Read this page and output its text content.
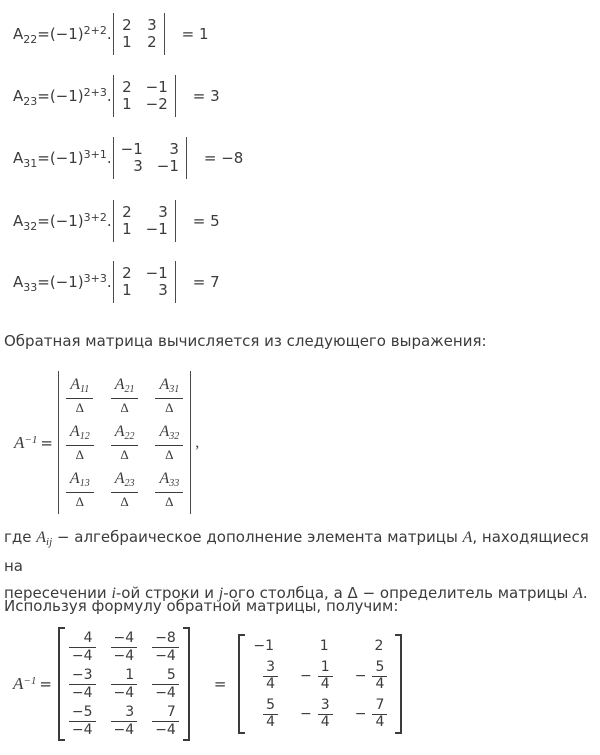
$A_{22}=(-1)^{2+2}$. 2 3
1 2 = 1
$A_{23}=(-1)^{2+3}$. 2 −1
1 −2 = 3
$A_{31}=(-1)^{3+1}$. −1	3
3 −1 = −8
$A_{32}=(-1)^{3+2}$. 2	3
1 −1 = 5
$A_{33}=(-1)^{3+3}$. 2 −1
1	3 = 7
Обратная матрица вычисляется из следующего выражения:
$A^{-1}$ =
$\frac{A11}{\Delta} \frac{A21}{\Delta} \frac{A31}{\Delta}$
$\frac{A12}{\Delta} \frac{A22}{\Delta} \frac{A32}{\Delta}$
$\frac{A13}{\Delta} \frac{A23}{\Delta} \frac{A33}{\Delta}$
,
где $A_{ij}$ − алгебраическое дополнение элемента матрицы A, находящиеся на
пересечении i-ой строки и j-ого столбца, а Δ − определитель матрицы A.
Используя формулу обратной матрицы, получим:
$A^{-1}$ =
$\frac{4}{-4} \frac{-4}{-4} \frac{-8}{-4}$
$\frac{-3}{-4} \frac{1}{-4} \frac{5}{-4}$
$\frac{-5}{-4} \frac{3}{-4} \frac{7}{-4}$
=
−1	1	2
$\frac{3}{4} - \frac{1}{4} - \frac{5}{4}$
$\frac{5}{4} - \frac{3}{4} - \frac{7}{4}$
